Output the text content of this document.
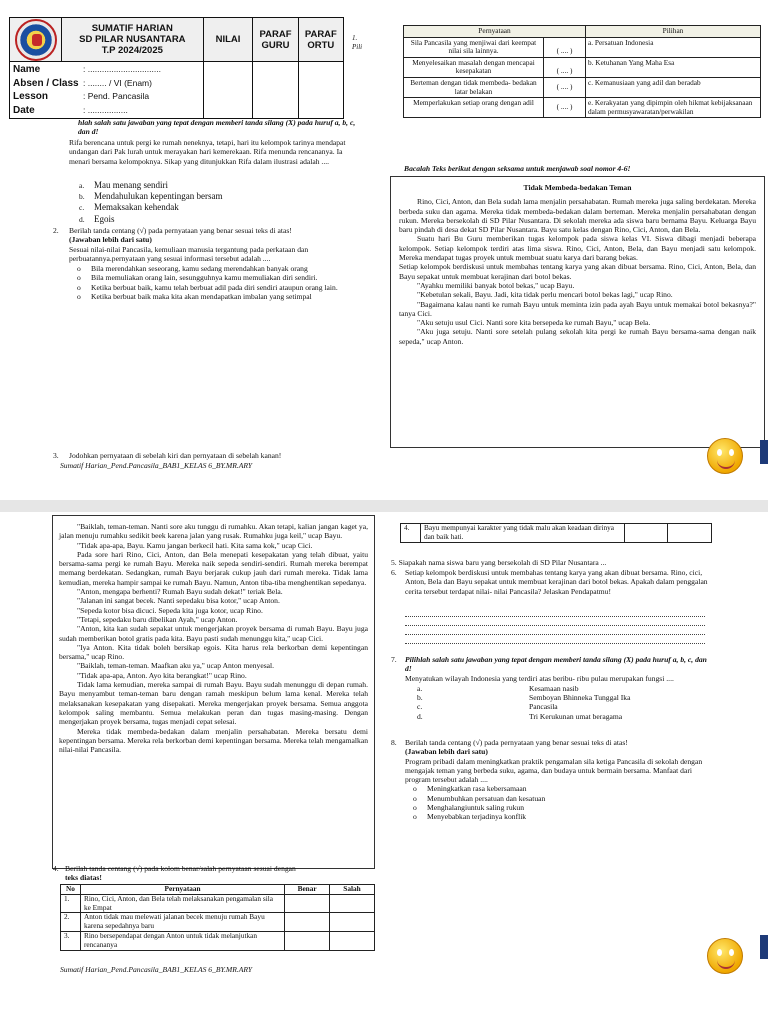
	SUMATIF HARIAN
SD PILAR NUSANTARA
T.P 2024/2025	NILAI	PARAF GURU	PARAF ORTU

Name : ...............................
Absen / Class : ........ / VI (Enam)
Lesson : Pend. Pancasila
Date : .................				

1.
Pili
hlah salah satu jawaban yang tepat dengan memberi tanda silang (X) pada huruf a, b, c, dan d!
Rifa berencana untuk pergi ke rumah neneknya, tetapi, hari itu kelompok tarinya mendapat undangan dari Pak lurah untuk merayakan hari kemerekaan. Rifa menunda rencananya. Ia menari bersama kelompoknya. Sikap yang ditunjukkan Rifa dalam ilustrasi adalah ....
a. Mau menang sendiri
b. Mendahulukan kepentingan bersam
c. Memaksakan kehendak
d. Egois
2. Berilah tanda centang (√) pada pernyataan yang benar sesuai teks di atas!
(Jawaban lebih dari satu)
Sesuai nilai-nilai Pancasila, kemuliaan manusia tergantung pada perkataan dan perbuatannya.pernyataan yang sesuai informasi tersebut adalah ....
o Bila merendahkan seseorang, kamu sedang merendahkan banyak orang
o Bila memuliakan orang lain, sesungguhnya kamu memuliakan diri sendiri.
o Ketika berbuat baik, kamu telah berbuat adil pada diri sendiri ataupun orang lain.
o Ketika berbuat baik maka kita akan mendapatkan imbalan yang setimpal
3. Jodohkan pernyataan di sebelah kiri dan pernyataan di sebelah kanan!
Sumatif Harian_Pend.Pancasila_BAB1_KELAS 6_BY.MR.ARY
Pernyataan		Pilihan
Sila Pancasila yang menjiwai dari keempat nilai sila lainnya.	( .... )	a. Persatuan Indonesia
Menyelesaikan masalah dengan mencapai kesepakatan	( .... )	b. Ketuhanan Yang Maha Esa
Berteman dengan tidak membeda- bedakan latar belakan	( .... )	c. Kemanusiaan yang adil dan beradab
Memperlakukan setiap orang dengan adil	( .... )	e. Kerakyatan yang dipimpin oleh hikmat kebijaksanaan dalam permusyawaratan/perwakilan
Bacalah Teks berikut dengan seksama untuk menjawab soal nomor 4-6!
Tidak Membeda-bedakan Teman

Rino, Cici, Anton, dan Bela sudah lama menjalin persahabatan. Rumah mereka juga saling berdekatan. Mereka berbeda suku dan agama. Mereka tidak membeda-bedakan dalam berteman. Mereka menjalin persahabatan dengan rukun. Mereka bersekolah di SD Pilar Nusantara. Di sekolah mereka ada siswa baru bernama Bayu. Keluarga Bayu baru pindah di desa dekat SD Pilar Nusantara. Bayu satu kelas dengan Rino, Cici, Anton, dan Bela.

Suatu hari Bu Guru memberikan tugas kelompok pada siswa kelas VI. Siswa dibagi menjadi beberapa kelompok. Setiap kelompok terdiri atas lima siswa. Rino, Cici, Anton, Bela, dan Bayu menjadi satu kelompok. Mereka mendapat tugas proyek untuk membuat suatu karya dari barang bekas.

Setiap kelompok berdiskusi untuk membahas tentang karya yang akan dibuat bersama. Rino, Cici, Anton, Bela, dan Bayu sepakat untuk membuat kerajinan dari botol bekas.

"Ayahku memiliki banyak botol bekas," ucap Bayu.

"Kebetulan sekali, Bayu. Jadi, kita tidak perlu mencari botol bekas lagi," ucap Rino.

"Bagaimana kalau nanti ke rumah Bayu untuk meminta izin pada ayah Bayu untuk memakai botol bekasnya?" tanya Cici.

"Aku setuju usul Cici. Nanti sore kita bersepeda ke rumah Bayu," ucap Bela.

"Aku juga setuju. Nanti sore setelah pulang sekolah kita pergi ke rumah Bayu bersama-sama dengan naik sepeda," ucap Anton.

"Baiklah, teman-teman. Nanti sore aku tunggu di rumahku. Akan tetapi, kalian jangan kaget ya, jalan menuju rumahku sedikit beek karena jalan yang rusak. Rumahku juga keil," ucap Bayu.

"Tidak apa-apa, Bayu. Kamu jangan berkecil hati. Kita sama kok," ucap Cici.

Pada sore hari Rino, Cici, Anton, dan Bela menepati kesepakatan yang telah dibuat, yaitu bersama-sama pergi ke rumah Bayu. Mereka naik sepeda sendiri-sendiri. Rumah mereka berempat memang berdekatan. Sedangkan, rumah Bayu berjarak cukup jauh dari rumah mereka. Tidak lama kemudian, mereka hampir sampai ke rumah Bayu. Namun, Anton tiba-tiba menghentikan sepedanya.

"Anton, mengapa berhenti? Rumah Bayu sudah dekat!" teriak Bela.

"Jalanan ini sangat becek. Nanti sepedaku bisa kotor," ucap Anton.

"Sepeda kotor bisa dicuci. Sepeda kita juga kotor, ucap Rino.

"Tetapi, sepedaku baru dibelikan Ayah," ucap Anton.

"Anton, kita kan sudah sepakat untuk mengerjakan proyek bersama di rumah Bayu. Bayu juga sudah memberikan botol gratis pada kita. Bayu pasti sudah menunggu kita," ucap Cici.

"Iya Anton. Kita tidak boleh bersikap egois. Kita harus rela berkorban demi kepentingan bersama," ucap Rino.

"Baiklah, teman-teman. Maafkan aku ya," ucap Anton menyesal.

"Tidak apa-apa, Anton. Ayo kita berangkat!" ucap Rino.

Tidak lama kemudian, mereka sampai di rumah Bayu. Bayu sudah menunggu di depan rumah. Bayu menyambut teman-teman baru dengan ramah meskipun belum lama kenal. Mereka telah melaksanakan kesepakatan yang disepakati. Mereka mengerjakan proyek bersama. Semua anggota kelompok saling membantu. Semua melakukan peran dan tugas masing-masing. Dengan mengerjakan proyek bersama, tugas menjadi cepat selesai.

Mereka tidak membeda-bedakan dalam menjalin persahabatan. Mereka bersatu demi kepentingan bersama. Mereka rela berkorban demi kepentingan bersama. Mereka telah mengamalkan nilai-nilai Pancasila.

4. Berilah tanda centang (√) pada kolom benar/salah pernyataan sesuai dengan
teks diatas!
No	Pernyataan	Benar	Salah
1.	Rino, Cici, Anton, dan Bela telah melaksanakan pengamalan sila ke Empat		
2.	Anton tidak mau melewati jalanan becek menuju rumah Bayu karena sepedahnya baru		
3.	Rino bersependapat dengan Anton untuk tidak melanjutkan rencananya		
Sumatif Harian_Pend.Pancasila_BAB1_KELAS 6_BY.MR.ARY
4.	Bayu mempunyai karakter yang tidak malu akan keadaan dirinya dan baik hati.		
5. Siapakah nama siswa baru yang bersekolah di SD Pilar Nusantara ...
6. Setiap kelompok berdiskusi untuk membahas tentang karya yang akan dibuat bersama. Rino, cici, Anton, Bela dan Bayu sepakat untuk membuat kerajinan dari botol bekas. Apakah dalam penggalan cerita tersebut terdapat nilai- nilai Pancasila? Jelaskan Pendapatmu!
7. Pilihlah salah satu jawaban yang tepat dengan memberi tanda silang (X) pada huruf a, b, c, dan d!
Menyatukan wilayah Indonesia yang terdiri atas beribu- ribu pulau merupakan fungsi ....
a.	Kesamaan nasib
b.	Semboyan Bhinneka Tunggal Ika
c.	Pancasila
d.	Tri Kerukunan umat beragama
8. Berilah tanda centang (√) pada pernyataan yang benar sesuai teks di atas!
(Jawaban lebih dari satu)
Program pribadi dalam meningkatkan praktik pengamalan sila ketiga Pancasila di sekolah dengan mengajak teman yang berbeda suku, agama, dan budaya untuk bermain bersama. Manfaat dari program tersebut adalah ....
o Meningkatkan rasa kebersamaan
o Menumbuhkan persatuan dan kesatuan
o Menghalangiuntuk saling rukun
o Menyebabkan terjadinya konflik
